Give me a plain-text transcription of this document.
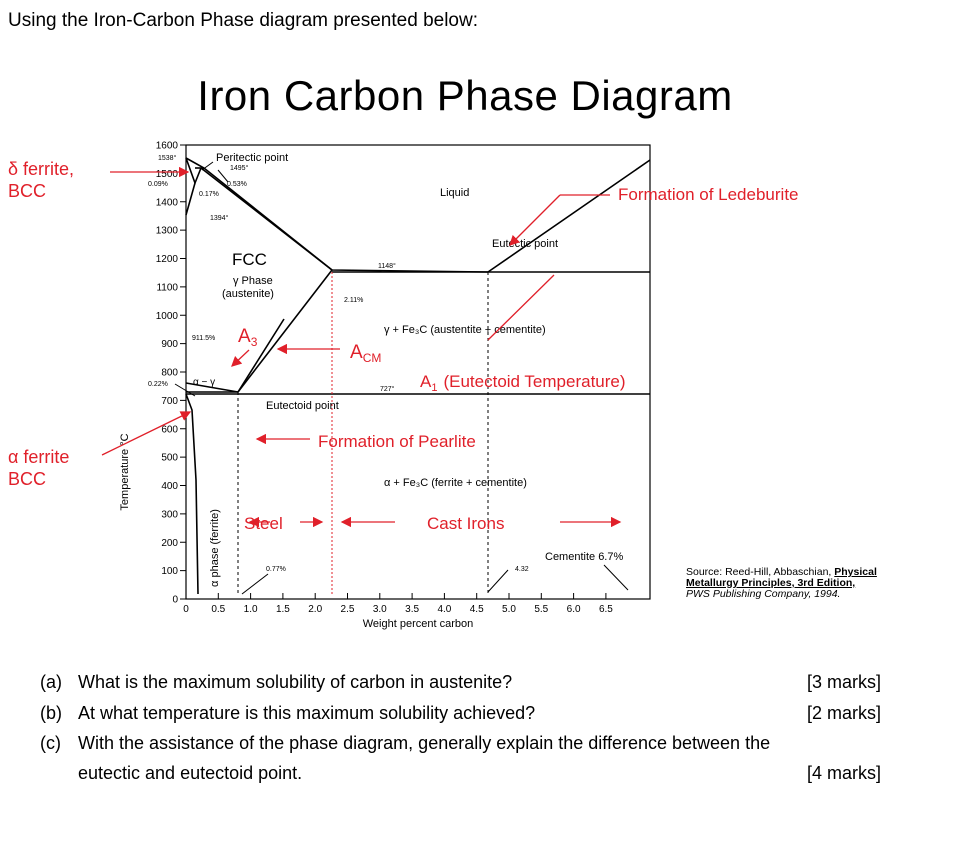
Using the Iron-Carbon Phase diagram presented below:
Iron Carbon Phase Diagram
1600
1500
1400
1300
1200
1100
1000
900
800
700
600
500
400
300
200
100
0
0 0.5 1.0 1.5 2.0 2.5 3.0 3.5 4.0 4.5 5.0 5.5 6.0 6.5
Temperature °C
Weight percent carbon
Peritectic point
1538°
1495°
0.09%
0.17%
0.53%
1394°
Liquid
Eutectic point
1148°
FCC
γ Phase
(austenite)
2.11%
911.5% $A_3$	$A_{CM}$
γ + Fe₃C (austentite + cementite)
0.22%	α − γ
727° $A_1$ (Eutectoid Temperature)
Eutectoid point
Formation of Pearlite
α + Fe₃C (ferrite + cementite)
α phase (ferrite) Steel	Cast Irons
Cementite 6.7%
4.32
0.77%
δ ferrite,
BCC
α ferrite
BCC
Formation of Ledeburite
Source: Reed-Hill, Abbaschian, Physical Metallurgy Principles, 3rd Edition,
PWS Publishing Company, 1994.
(a) What is the maximum solubility of carbon in austenite?	[3 marks]
(b) At what temperature is this maximum solubility achieved?	[2 marks]
(c) With the assistance of the phase diagram, generally explain the difference between the
eutectic and eutectoid point.	[4 marks]
